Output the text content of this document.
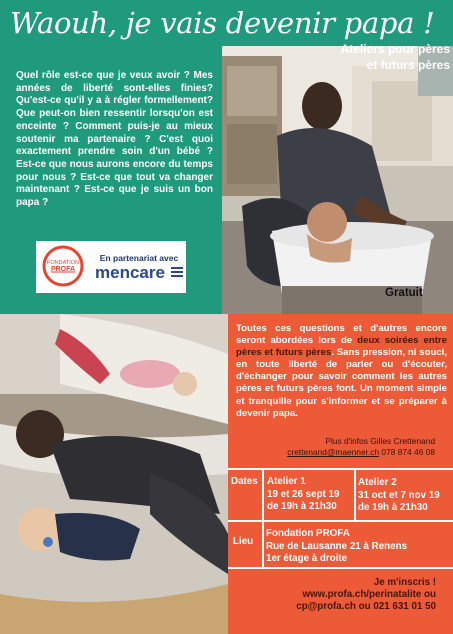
Waouh, je vais devenir papa !
Quel rôle est-ce que je veux avoir ? Mes années de liberté sont-elles finies? Qu'est-ce qu'il y a à régler formellement? Que peut-on bien ressentir lorsqu'on est enceinte ? Comment puis-je au mieux soutenir ma partenaire ? C'est quoi exactement prendre soin d'un bébé ? Est-ce que nous aurons encore du temps pour nous ? Est-ce que tout va changer maintenant ? Est-ce que je suis un bon papa ?
FONDATION
PROFA
En partenariat avec
mencare
Ateliers pour pères
et futurs pères
Gratuit
Toutes ces questions et d'autres encore seront abordées lors de deux soirées entre pères et futurs pères. Sans pression, ni souci, en toute liberté de parler ou d'écouter, d'échanger pour savoir comment les autres pères et futurs pères font. Un moment simple et tranquille pour s'informer et se préparer à devenir papa.
Plus d'infos Gilles Crettenand
crettenand@maenner.ch 078 874 46 08
Dates Atelier 1
19 et 26 sept 19
de 19h à 21h30
Atelier 2
31 oct et 7 nov 19
de 19h à 21h30
Lieu
Fondation PROFA
Rue de Lausanne 21 à Renens
1er étage à droite
Je m'inscris !
www.profa.ch/perinatalite ou
cp@profa.ch ou 021 631 01 50
